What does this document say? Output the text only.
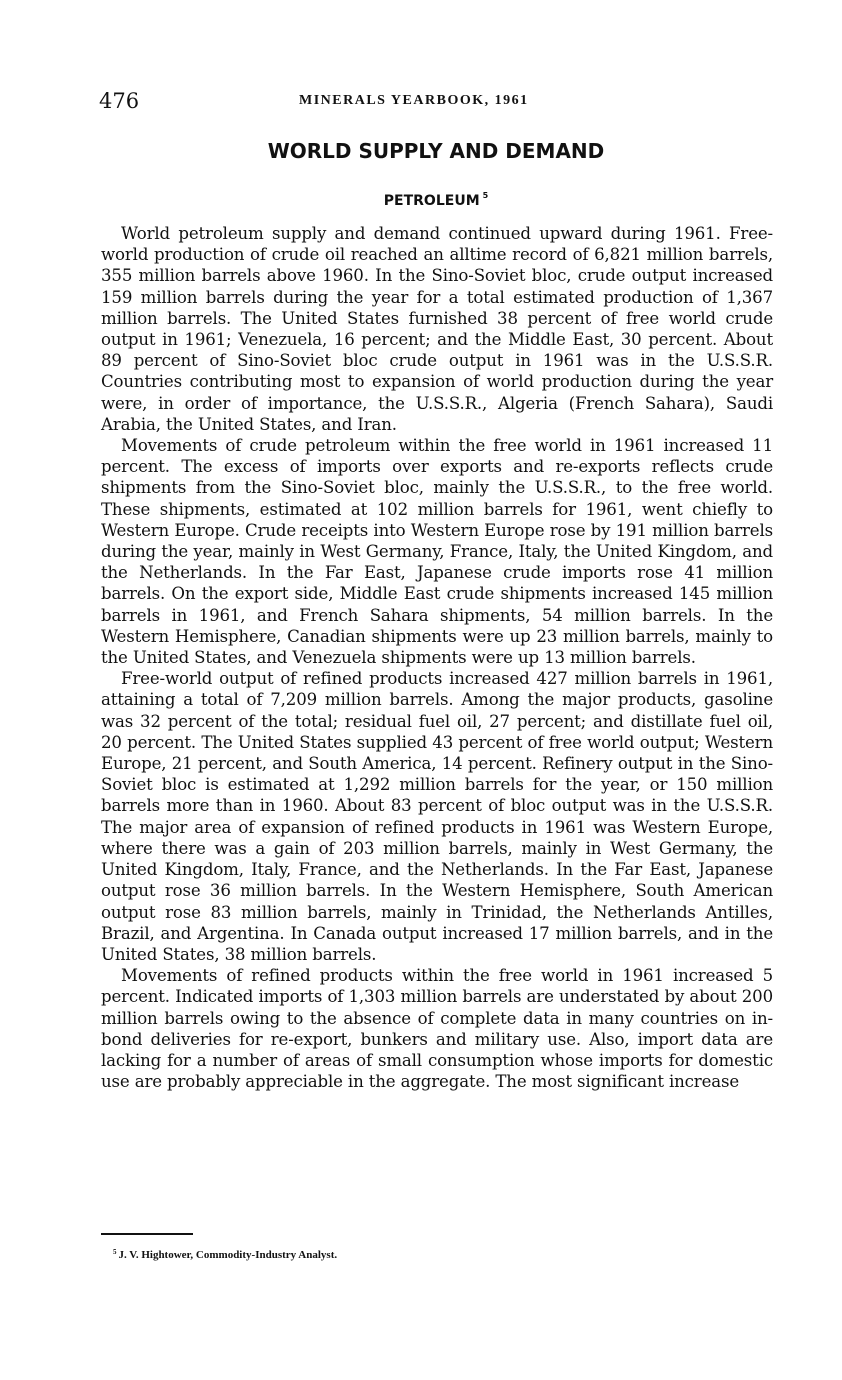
476	MINERALS YEARBOOK, 1961
WORLD SUPPLY AND DEMAND
PETROLEUM $^5$

World petroleum supply and demand continued upward during 1961. Free-world production of crude oil reached an alltime record of 6,821 million barrels, 355 million barrels above 1960. In the Sino-Soviet bloc, crude output increased 159 million barrels during the year for a total estimated production of 1,367 million barrels. The United States furnished 38 percent of free world crude output in 1961; Venezuela, 16 percent; and the Middle East, 30 percent. About 89 percent of Sino-Soviet bloc crude output in 1961 was in the U.S.S.R. Countries contributing most to expansion of world production during the year were, in order of importance, the U.S.S.R., Algeria (French Sahara), Saudi Arabia, the United States, and Iran.

Movements of crude petroleum within the free world in 1961 increased 11 percent. The excess of imports over exports and re-exports reflects crude shipments from the Sino-Soviet bloc, mainly the U.S.S.R., to the free world. These shipments, estimated at 102 million barrels for 1961, went chiefly to Western Europe. Crude receipts into Western Europe rose by 191 million barrels during the year, mainly in West Germany, France, Italy, the United Kingdom, and the Netherlands. In the Far East, Japanese crude imports rose 41 million barrels. On the export side, Middle East crude shipments increased 145 million barrels in 1961, and French Sahara shipments, 54 million barrels. In the Western Hemisphere, Canadian shipments were up 23 million barrels, mainly to the United States, and Venezuela shipments were up 13 million barrels.

Free-world output of refined products increased 427 million barrels in 1961, attaining a total of 7,209 million barrels. Among the major products, gasoline was 32 percent of the total; residual fuel oil, 27 percent; and distillate fuel oil, 20 percent. The United States supplied 43 percent of free world output; Western Europe, 21 percent, and South America, 14 percent. Refinery output in the Sino-Soviet bloc is estimated at 1,292 million barrels for the year, or 150 million barrels more than in 1960. About 83 percent of bloc output was in the U.S.S.R. The major area of expansion of refined products in 1961 was Western Europe, where there was a gain of 203 million barrels, mainly in West Germany, the United Kingdom, Italy, France, and the Netherlands. In the Far East, Japanese output rose 36 million barrels. In the Western Hemisphere, South American output rose 83 million barrels, mainly in Trinidad, the Netherlands Antilles, Brazil, and Argentina. In Canada output increased 17 million barrels, and in the United States, 38 million barrels.

Movements of refined products within the free world in 1961 increased 5 percent. Indicated imports of 1,303 million barrels are understated by about 200 million barrels owing to the absence of complete data in many countries on in-bond deliveries for re-export, bunkers and military use. Also, import data are lacking for a number of areas of small consumption whose imports for domestic use are probably appreciable in the aggregate. The most significant increase

$^5$ J. V. Hightower, Commodity-Industry Analyst.
